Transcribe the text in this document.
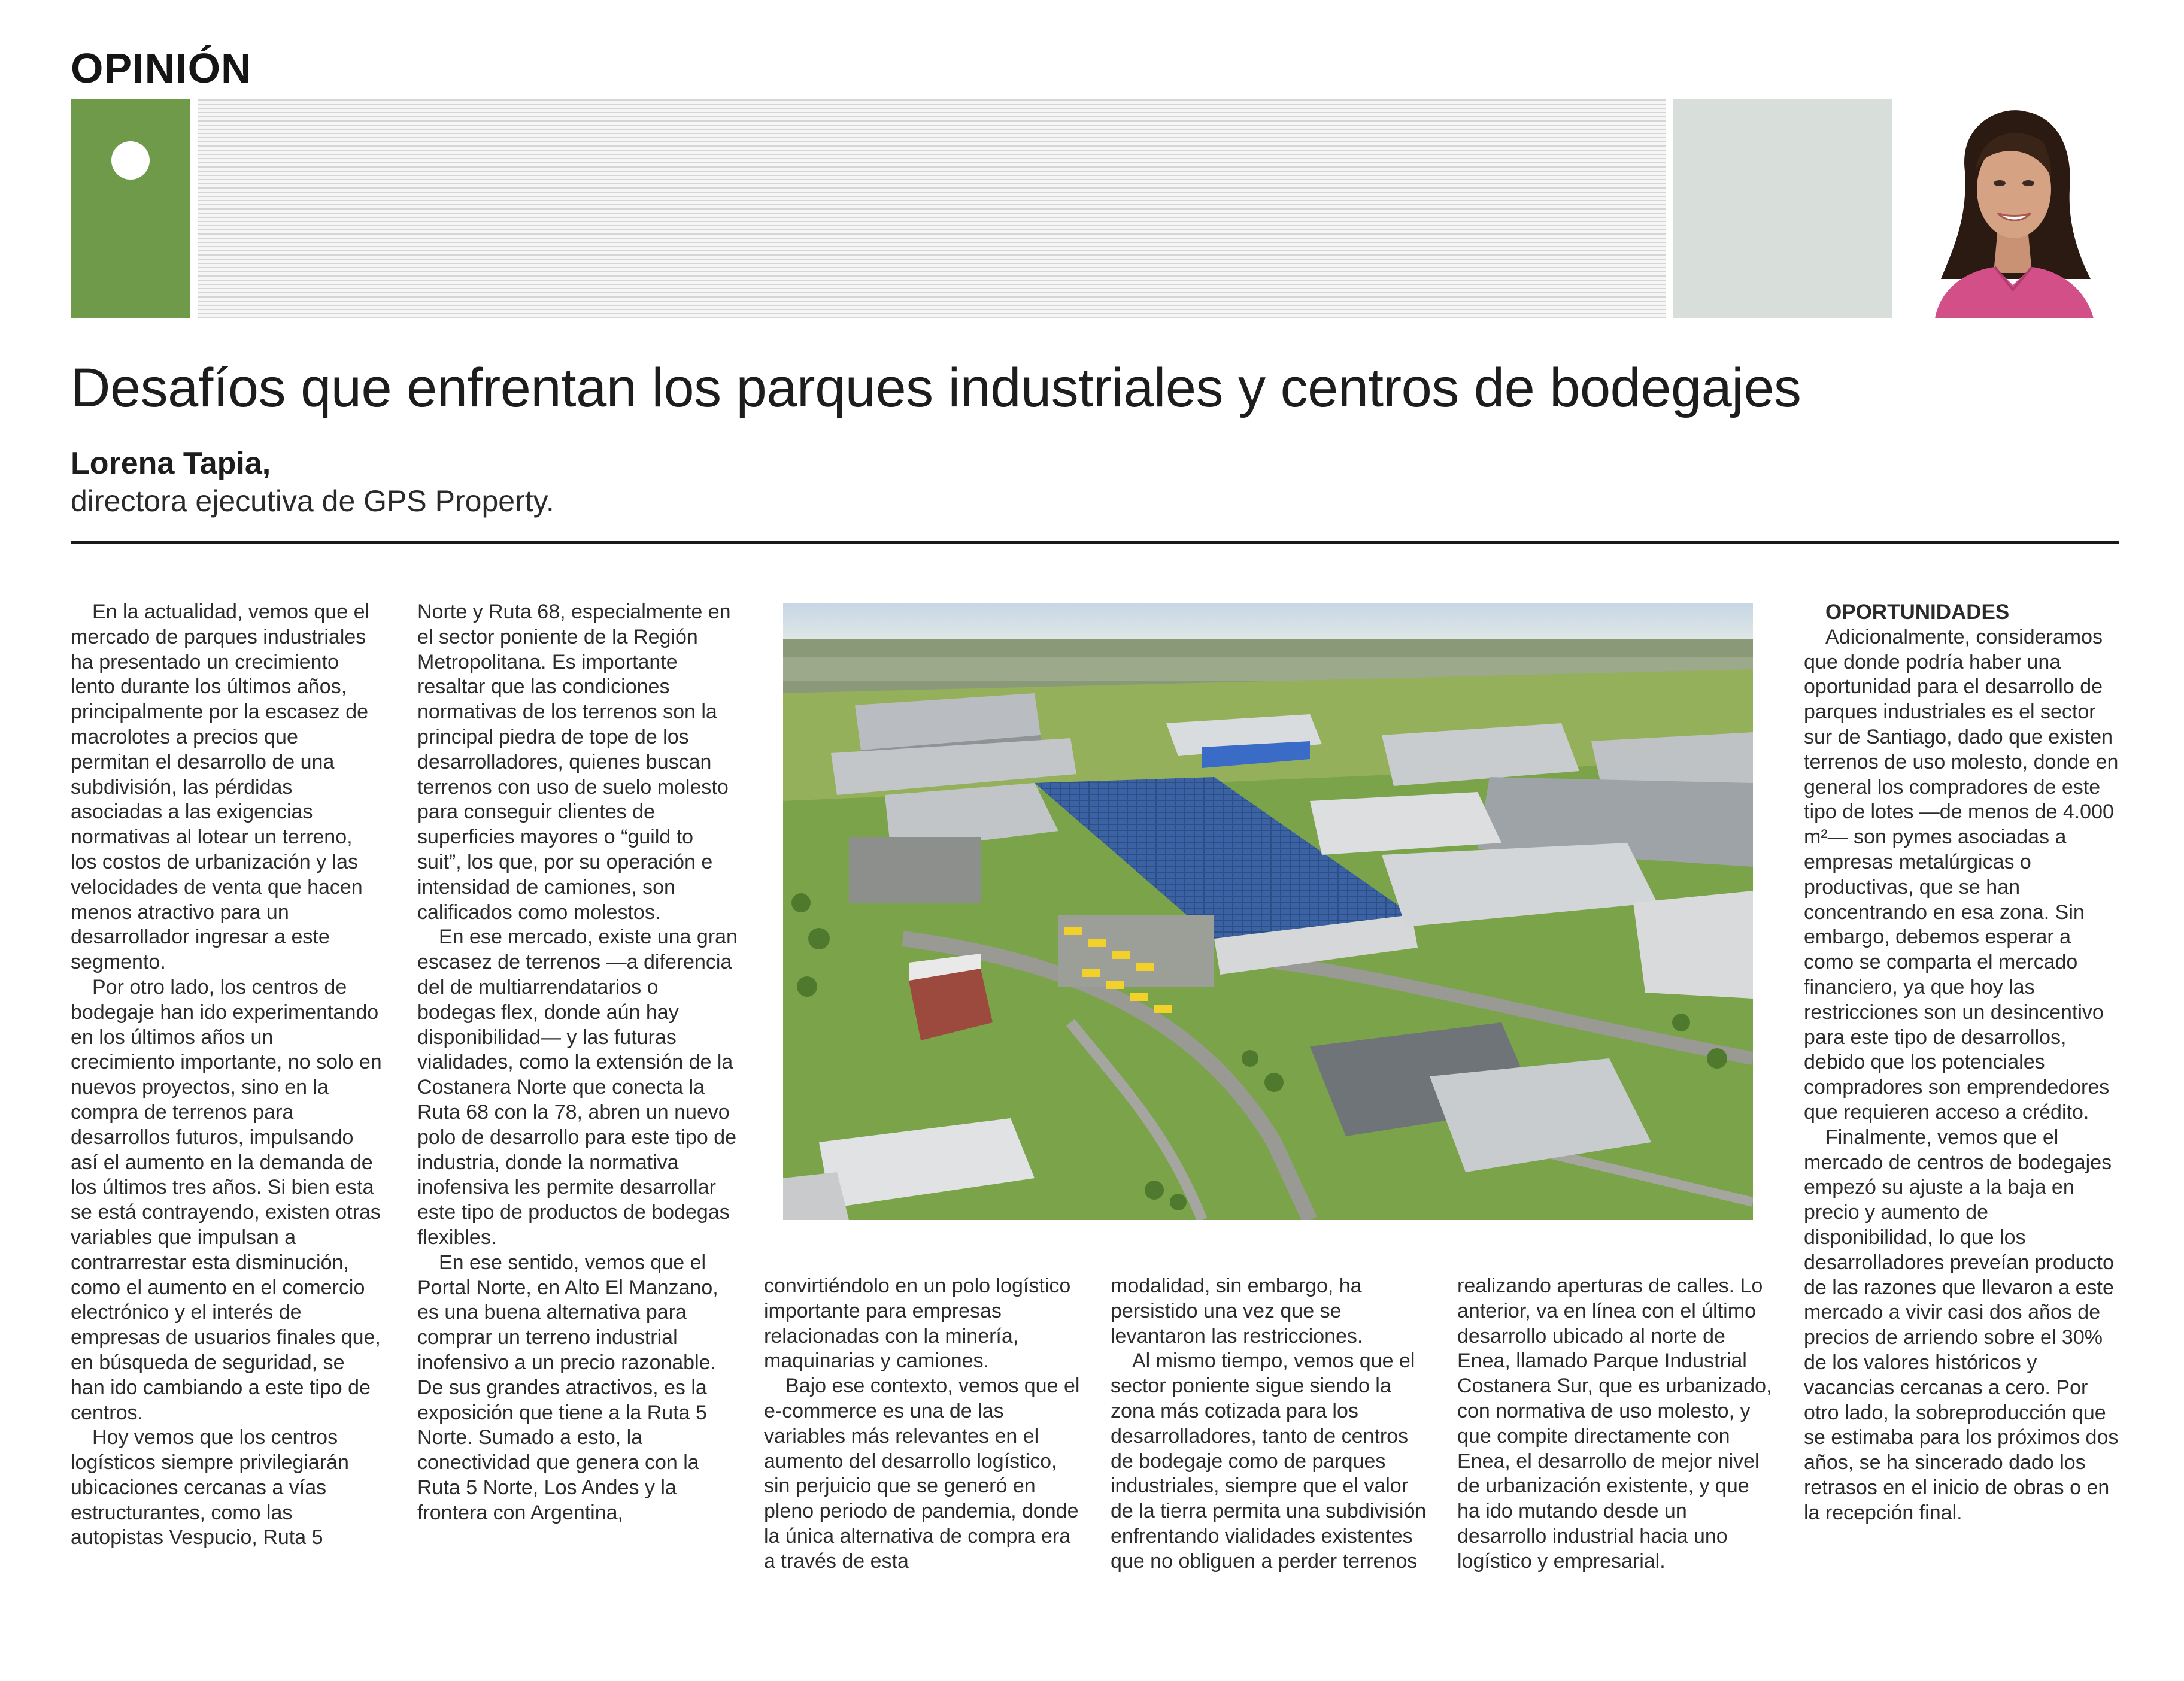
OPINIÓN
Desafíos que enfrentan los parques industriales y centros de bodegajes
Lorena Tapia,
directora ejecutiva de GPS Property.

En la actualidad, vemos que el mercado de parques industriales ha presentado un crecimiento lento durante los últimos años, principalmente por la escasez de macrolotes a precios que permitan el desarrollo de una subdivisión, las pérdidas asociadas a las exigencias normativas al lotear un terreno, los costos de urbanización y las velocidades de venta que hacen menos atractivo para un desarrollador ingresar a este segmento.

Por otro lado, los centros de bodegaje han ido experimentando en los últimos años un crecimiento importante, no solo en nuevos proyectos, sino en la compra de terrenos para desarrollos futuros, impulsando así el aumento en la demanda de los últimos tres años. Si bien esta se está contrayendo, existen otras variables que impulsan a contrarrestar esta disminución, como el aumento en el comercio electrónico y el interés de empresas de usuarios finales que, en búsqueda de seguridad, se han ido cambiando a este tipo de centros.

Hoy vemos que los centros logísticos siempre privilegiarán ubicaciones cercanas a vías estructurantes, como las autopistas Vespucio, Ruta 5

Norte y Ruta 68, especialmente en el sector poniente de la Región Metropolitana. Es importante resaltar que las condiciones normativas de los terrenos son la principal piedra de tope de los desarrolladores, quienes buscan terrenos con uso de suelo molesto para conseguir clientes de superficies mayores o “guild to suit”, los que, por su operación e intensidad de camiones, son calificados como molestos.

En ese mercado, existe una gran escasez de terrenos —a diferencia del de multiarrendatarios o bodegas flex, donde aún hay disponibilidad— y las futuras vialidades, como la extensión de la Costanera Norte que conecta la Ruta 68 con la 78, abren un nuevo polo de desarrollo para este tipo de industria, donde la normativa inofensiva les permite desarrollar este tipo de productos de bodegas flexibles.

En ese sentido, vemos que el Portal Norte, en Alto El Manzano, es una buena alternativa para comprar un terreno industrial inofensivo a un precio razonable. De sus grandes atractivos, es la exposición que tiene a la Ruta 5 Norte. Sumado a esto, la conectividad que genera con la Ruta 5 Norte, Los Andes y la frontera con Argentina,

convirtiéndolo en un polo logístico importante para empresas relacionadas con la minería, maquinarias y camiones.

Bajo ese contexto, vemos que el e-commerce es una de las variables más relevantes en el aumento del desarrollo logístico, sin perjuicio que se generó en pleno periodo de pandemia, donde la única alternativa de compra era a través de esta

modalidad, sin embargo, ha persistido una vez que se levantaron las restricciones.

Al mismo tiempo, vemos que el sector poniente sigue siendo la zona más cotizada para los desarrolladores, tanto de centros de bodegaje como de parques industriales, siempre que el valor de la tierra permita una subdivisión enfrentando vialidades existentes que no obliguen a perder terrenos

realizando aperturas de calles. Lo anterior, va en línea con el último desarrollo ubicado al norte de Enea, llamado Parque Industrial Costanera Sur, que es urbanizado, con normativa de uso molesto, y que compite directamente con Enea, el desarrollo de mejor nivel de urbanización existente, y que ha ido mutando desde un desarrollo industrial hacia uno logístico y empresarial.

OPORTUNIDADES

Adicionalmente, consideramos que donde podría haber una oportunidad para el desarrollo de parques industriales es el sector sur de Santiago, dado que existen terrenos de uso molesto, donde en general los compradores de este tipo de lotes —de menos de 4.000 m²— son pymes asociadas a empresas metalúrgicas o productivas, que se han concentrando en esa zona. Sin embargo, debemos esperar a como se comparta el mercado financiero, ya que hoy las restricciones son un desincentivo para este tipo de desarrollos, debido que los potenciales compradores son emprendedores que requieren acceso a crédito.

Finalmente, vemos que el mercado de centros de bodegajes empezó su ajuste a la baja en precio y aumento de disponibilidad, lo que los desarrolladores preveían producto de las razones que llevaron a este mercado a vivir casi dos años de precios de arriendo sobre el 30% de los valores históricos y vacancias cercanas a cero. Por otro lado, la sobreproducción que se estimaba para los próximos dos años, se ha sincerado dado los retrasos en el inicio de obras o en la recepción final.
